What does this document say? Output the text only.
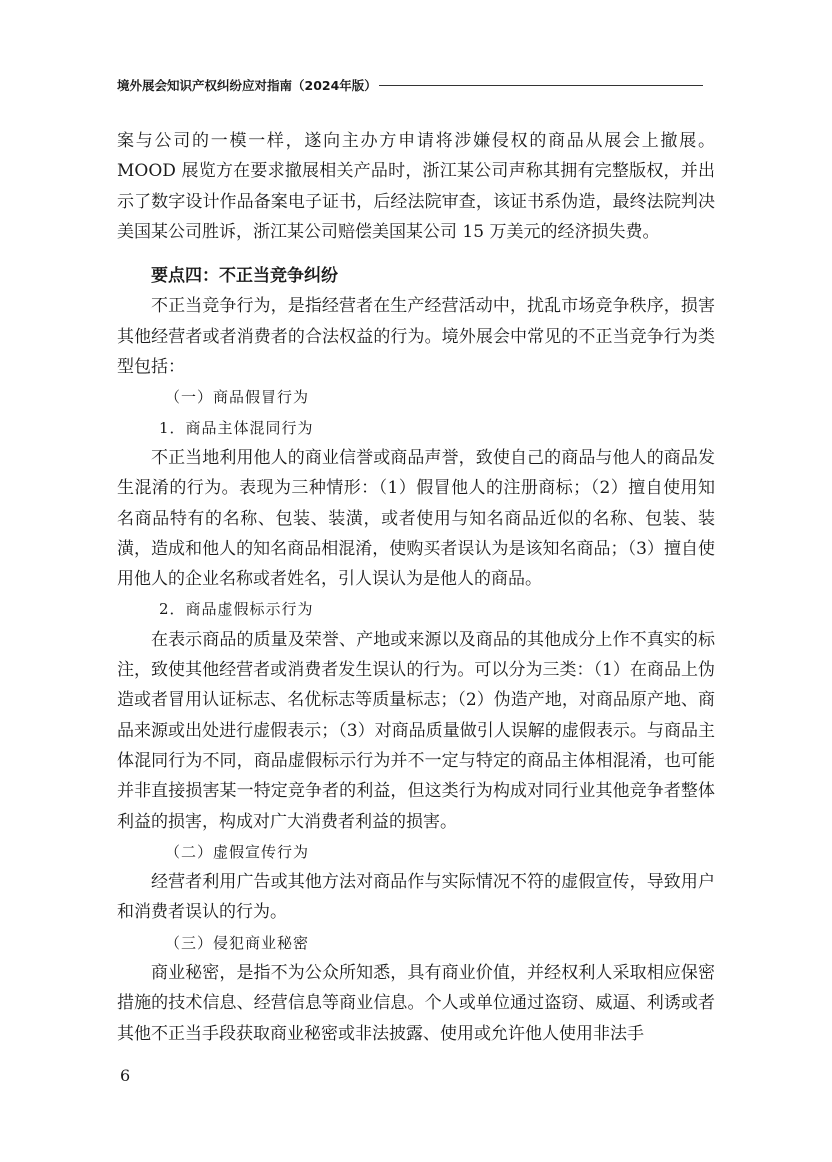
境外展会知识产权纠纷应对指南（2024年版）

案与公司的一模一样，遂向主办方申请将涉嫌侵权的商品从展会上撤展。MOOD 展览方在要求撤展相关产品时，浙江某公司声称其拥有完整版权，并出示了数字设计作品备案电子证书，后经法院审查，该证书系伪造，最终法院判决美国某公司胜诉，浙江某公司赔偿美国某公司 15 万美元的经济损失费。

要点四：不正当竞争纠纷

不正当竞争行为，是指经营者在生产经营活动中，扰乱市场竞争秩序，损害其他经营者或者消费者的合法权益的行为。境外展会中常见的不正当竞争行为类型包括：

（一）商品假冒行为

1．商品主体混同行为

不正当地利用他人的商业信誉或商品声誉，致使自己的商品与他人的商品发生混淆的行为。表现为三种情形：（1）假冒他人的注册商标；（2）擅自使用知名商品特有的名称、包装、装潢，或者使用与知名商品近似的名称、包装、装潢，造成和他人的知名商品相混淆，使购买者误认为是该知名商品；（3）擅自使用他人的企业名称或者姓名，引人误认为是他人的商品。

2．商品虚假标示行为

在表示商品的质量及荣誉、产地或来源以及商品的其他成分上作不真实的标注，致使其他经营者或消费者发生误认的行为。可以分为三类：（1）在商品上伪造或者冒用认证标志、名优标志等质量标志；（2）伪造产地，对商品原产地、商品来源或出处进行虚假表示；（3）对商品质量做引人误解的虚假表示。与商品主体混同行为不同，商品虚假标示行为并不一定与特定的商品主体相混淆，也可能并非直接损害某一特定竞争者的利益，但这类行为构成对同行业其他竞争者整体利益的损害，构成对广大消费者利益的损害。

（二）虚假宣传行为

经营者利用广告或其他方法对商品作与实际情况不符的虚假宣传，导致用户和消费者误认的行为。

（三）侵犯商业秘密

商业秘密，是指不为公众所知悉，具有商业价值，并经权利人采取相应保密措施的技术信息、经营信息等商业信息。个人或单位通过盗窃、威逼、利诱或者其他不正当手段获取商业秘密或非法披露、使用或允许他人使用非法手

6
